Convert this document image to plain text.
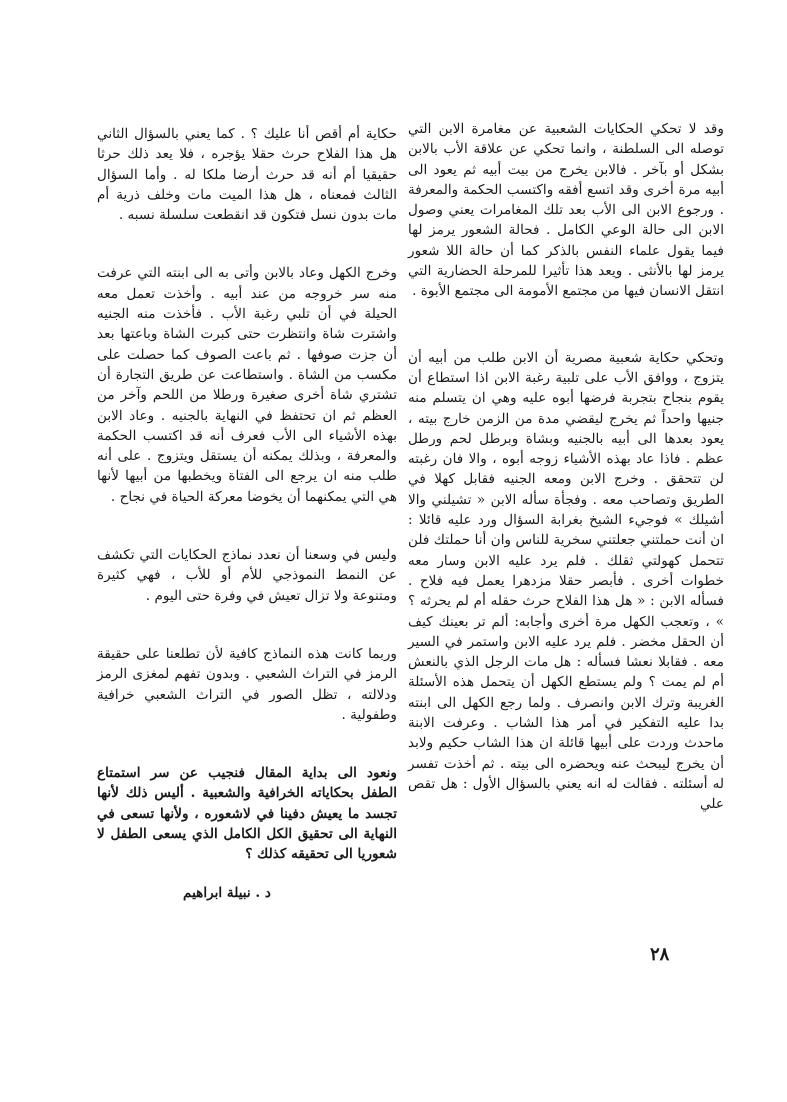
وقد لا تحكي الحكايات الشعبية عن مغامرة الابن التي توصله الى السلطنة ، وانما تحكي عن علاقة الأب بالابن بشكل أو بآخر . فالابن يخرج من بيت أبيه ثم يعود الى أبيه مرة أخرى وقد اتسع أفقه واكتسب الحكمة والمعرفة . ورجوع الابن الى الأب بعد تلك المغامرات يعني وصول الابن الى حالة الوعي الكامل . فحالة الشعور يرمز لها فيما يقول علماء النفس بالذكر كما أن حالة اللا شعور يرمز لها بالأنثى . ويعد هذا تأثيرا للمرحلة الحضارية التي انتقل الانسان فيها من مجتمع الأمومة الى مجتمع الأبوة .

وتحكي حكاية شعبية مصرية أن الابن طلب من أبيه أن يتزوج ، ووافق الأب على تلبية رغبة الابن اذا استطاع أن يقوم بنجاح بتجربة فرضها أبوه عليه وهي ان يتسلم منه جنيها واحداً ثم يخرج ليقضي مدة من الزمن خارج بيته ، يعود بعدها الى أبيه بالجنيه وبشاة وبرطل لحم ورطل عظم . فاذا عاد بهذه الأشياء زوجه أبوه ، والا فان رغبته لن تتحقق . وخرج الابن ومعه الجنيه فقابل كهلا في الطريق وتصاحب معه . وفجأة سأله الابن « تشيلني والا أشيلك » فوجيء الشيخ بغرابة السؤال ورد عليه قائلا : ان أنت حملتني جعلتني سخرية للناس وان أنا حملتك فلن تتحمل كهولتي ثقلك . فلم يرد عليه الابن وسار معه خطوات أخرى . فأبصر حقلا مزدهرا يعمل فيه فلاح . فسأله الابن : « هل هذا الفلاح حرث حقله أم لم يحرثه ؟ » ، وتعجب الكهل مرة أخرى وأجابه: ألم تر بعينك كيف أن الحقل مخضر . فلم يرد عليه الابن واستمر في السير معه . فقابلا نعشا فسأله : هل مات الرجل الذي بالنعش أم لم يمت ؟ ولم يستطع الكهل أن يتحمل هذه الأسئلة الغريبة وترك الابن وانصرف . ولما رجع الكهل الى ابنته بدا عليه التفكير في أمر هذا الشاب . وعرفت الابنة ماحدث وردت على أبيها قائلة ان هذا الشاب حكيم ولابد أن يخرج ليبحث عنه ويحضره الى بيته . ثم أخذت تفسر له أسئلته . فقالت له انه يعني بالسؤال الأول : هل تقص علي

حكاية أم أقص أنا عليك ؟ . كما يعني بالسؤال الثاني هل هذا الفلاح حرث حقلا يؤجره ، فلا يعد ذلك حرثا حقيقيا أم أنه قد حرث أرضا ملكا له . وأما السؤال الثالث فمعناه ، هل هذا الميت مات وخلف ذرية أم مات بدون نسل فتكون قد انقطعت سلسلة نسبه .

وخرج الكهل وعاد بالابن وأتى به الى ابنته التي عرفت منه سر خروجه من عند أبيه . وأخذت تعمل معه الحيلة في أن تلبي رغبة الأب . فأخذت منه الجنيه واشترت شاة وانتظرت حتى كبرت الشاة وباعتها بعد أن جزت صوفها . ثم باعت الصوف كما حصلت على مكسب من الشاة . واستطاعت عن طريق التجارة أن تشتري شاة أخرى صغيرة ورطلا من اللحم وآخر من العظم ثم ان تحتفظ في النهاية بالجنيه . وعاد الابن بهذه الأشياء الى الأب فعرف أنه قد اكتسب الحكمة والمعرفة ، وبذلك يمكنه أن يستقل ويتزوج . على أنه طلب منه ان يرجع الى الفتاة ويخطبها من أبيها لأنها هي التي يمكنهما أن يخوضا معركة الحياة في نجاح .

وليس في وسعنا أن نعدد نماذج الحكايات التي تكشف عن النمط النموذجي للأم أو للأب ، فهي كثيرة ومتنوعة ولا تزال تعيش في وفرة حتى اليوم .

وربما كانت هذه النماذج كافية لأن تطلعنا على حقيقة الرمز في التراث الشعبي . وبدون تفهم لمغزى الرمز ودلالته ، تظل الصور في التراث الشعبي خرافية وطفولية .

ونعود الى بداية المقال فنجيب عن سر استمتاع الطفل بحكاياته الخرافية والشعبية . أليس ذلك لأنها تجسد ما يعيش دفينا في لاشعوره ، ولأنها تسعى في النهاية الى تحقيق الكل الكامل الذي يسعى الطفل لا شعوريا الى تحقيقه كذلك ؟

د . نبيلة ابراهيم
٢٨
